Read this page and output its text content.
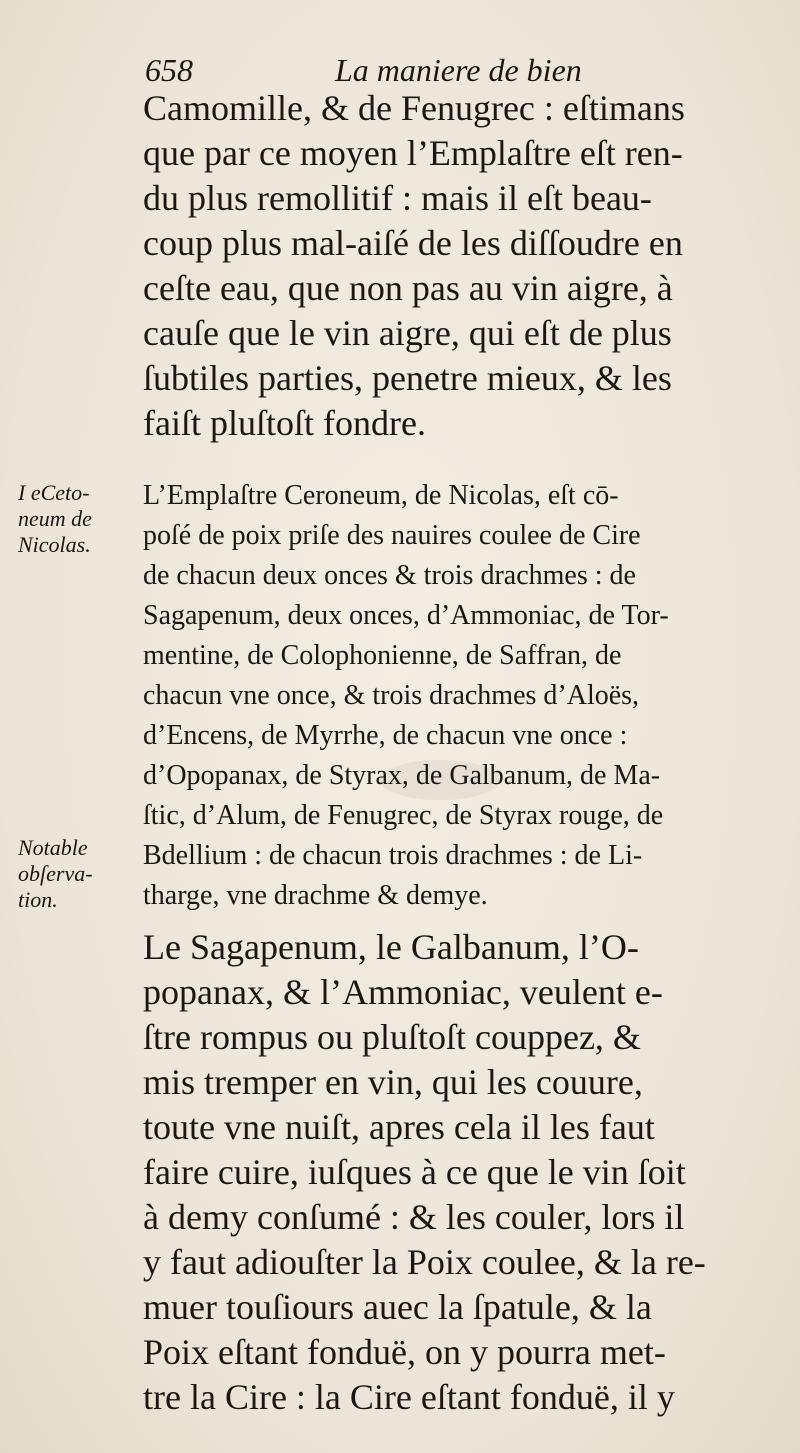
658	La maniere de bien
Camomille, & de Fenugrec : eſtimans
que par ce moyen l’Emplaſtre eſt ren-
du plus remollitif : mais il eſt beau-
coup plus mal-aiſé de les diſſoudre en
ceſte eau, que non pas au vin aigre, à
cauſe que le vin aigre, qui eſt de plus
ſubtiles parties, penetre mieux, & les
faiſt pluſtoſt fondre.
I eCeto-
neum de
Nicolas.
L’Emplaſtre Ceroneum, de Nicolas, eſt cō-
poſé de poix priſe des nauires coulee de Cire
de chacun deux onces & trois drachmes : de
Sagapenum, deux onces, d’Ammoniac, de Tor-
mentine, de Colophonienne, de Saffran, de
chacun vne once, & trois drachmes d’Aloës,
d’Encens, de Myrrhe, de chacun vne once :
d’Opopanax, de Styrax, de Galbanum, de Ma-
ſtic, d’Alum, de Fenugrec, de Styrax rouge, de
Bdellium : de chacun trois drachmes : de Li-
tharge, vne drachme & demye.
Notable
obſerva-
tion.
Le Sagapenum, le Galbanum, l’O-
popanax, & l’Ammoniac, veulent e-
ſtre rompus ou pluſtoſt couppez, &
mis tremper en vin, qui les couure,
toute vne nuiſt, apres cela il les faut
faire cuire, iuſques à ce que le vin ſoit
à demy conſumé : & les couler, lors il
y faut adiouſter la Poix coulee, & la re-
muer touſiours auec la ſpatule, & la
Poix eſtant fonduë, on y pourra met-
tre la Cire : la Cire eſtant fonduë, il y
